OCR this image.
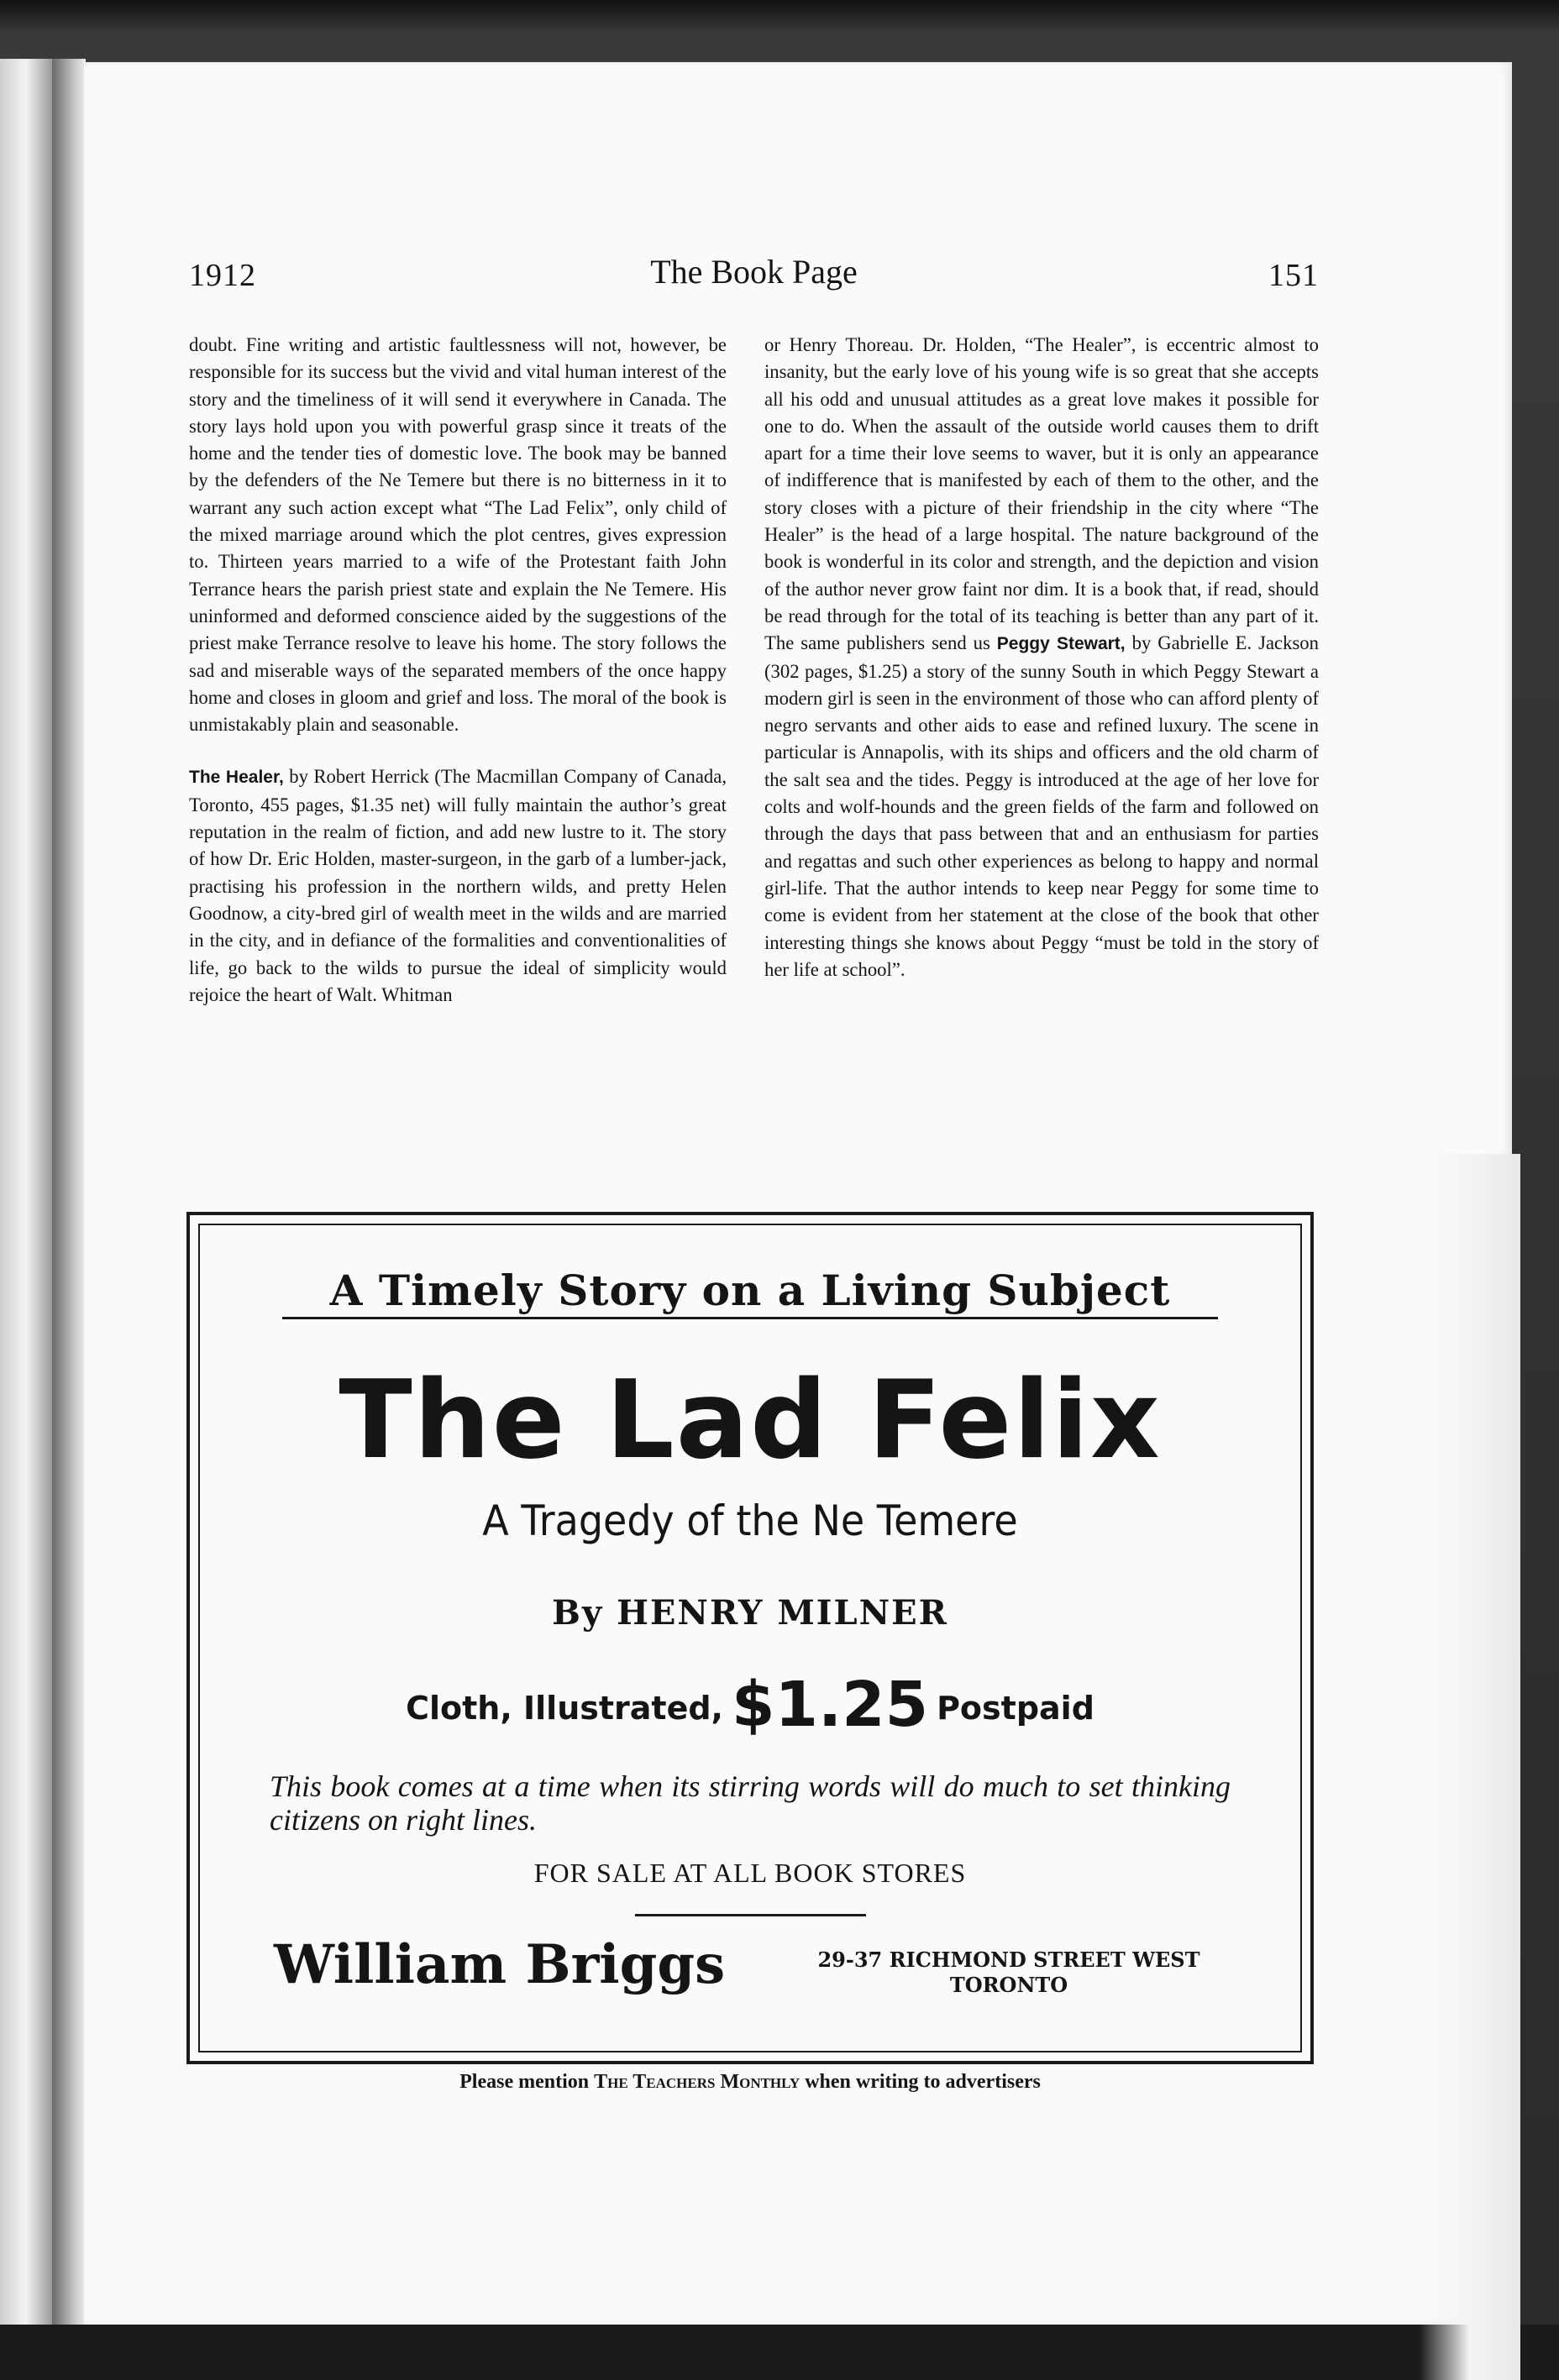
1912	The Book Page	151

doubt. Fine writing and artistic faultlessness will not, however, be responsible for its success but the vivid and vital human interest of the story and the timeliness of it will send it everywhere in Canada. The story lays hold upon you with powerful grasp since it treats of the home and the tender ties of domestic love. The book may be banned by the defenders of the Ne Temere but there is no bitterness in it to warrant any such action except what “The Lad Felix”, only child of the mixed marriage around which the plot centres, gives expression to. Thirteen years married to a wife of the Protestant faith John Terrance hears the parish priest state and explain the Ne Temere. His uninformed and deformed conscience aided by the suggestions of the priest make Terrance resolve to leave his home. The story follows the sad and miserable ways of the separated members of the once happy home and closes in gloom and grief and loss. The moral of the book is unmistakably plain and seasonable.

The Healer, by Robert Herrick (The Macmillan Company of Canada, Toronto, 455 pages, $1.35 net) will fully maintain the author’s great reputation in the realm of fiction, and add new lustre to it. The story of how Dr. Eric Holden, master-surgeon, in the garb of a lumber-jack, practising his profession in the northern wilds, and pretty Helen Goodnow, a city-bred girl of wealth meet in the wilds and are married in the city, and in defiance of the formalities and conventionalities of life, go back to the wilds to pursue the ideal of simplicity would rejoice the heart of Walt. Whitman

or Henry Thoreau. Dr. Holden, “The Healer”, is eccentric almost to insanity, but the early love of his young wife is so great that she accepts all his odd and unusual attitudes as a great love makes it possible for one to do. When the assault of the outside world causes them to drift apart for a time their love seems to waver, but it is only an appearance of indifference that is manifested by each of them to the other, and the story closes with a picture of their friendship in the city where “The Healer” is the head of a large hospital. The nature background of the book is wonderful in its color and strength, and the depiction and vision of the author never grow faint nor dim. It is a book that, if read, should be read through for the total of its teaching is better than any part of it. The same publishers send us Peggy Stewart, by Gabrielle E. Jackson (302 pages, $1.25) a story of the sunny South in which Peggy Stewart a modern girl is seen in the environment of those who can afford plenty of negro servants and other aids to ease and refined luxury. The scene in particular is Annapolis, with its ships and officers and the old charm of the salt sea and the tides. Peggy is introduced at the age of her love for colts and wolf-hounds and the green fields of the farm and followed on through the days that pass between that and an enthusiasm for parties and regattas and such other experiences as belong to happy and normal girl-life. That the author intends to keep near Peggy for some time to come is evident from her statement at the close of the book that other interesting things she knows about Peggy “must be told in the story of her life at school”.

A Timely Story on a Living Subject
The Lad Felix
A Tragedy of the Ne Temere
By HENRY MILNER
Cloth, Illustrated, $1.25 Postpaid
This book comes at a time when its stirring words will do much to set thinking citizens on right lines.
FOR SALE AT ALL BOOK STORES
William Briggs	29-37 RICHMOND STREET WEST
TORONTO
Please mention The Teachers Monthly when writing to advertisers
